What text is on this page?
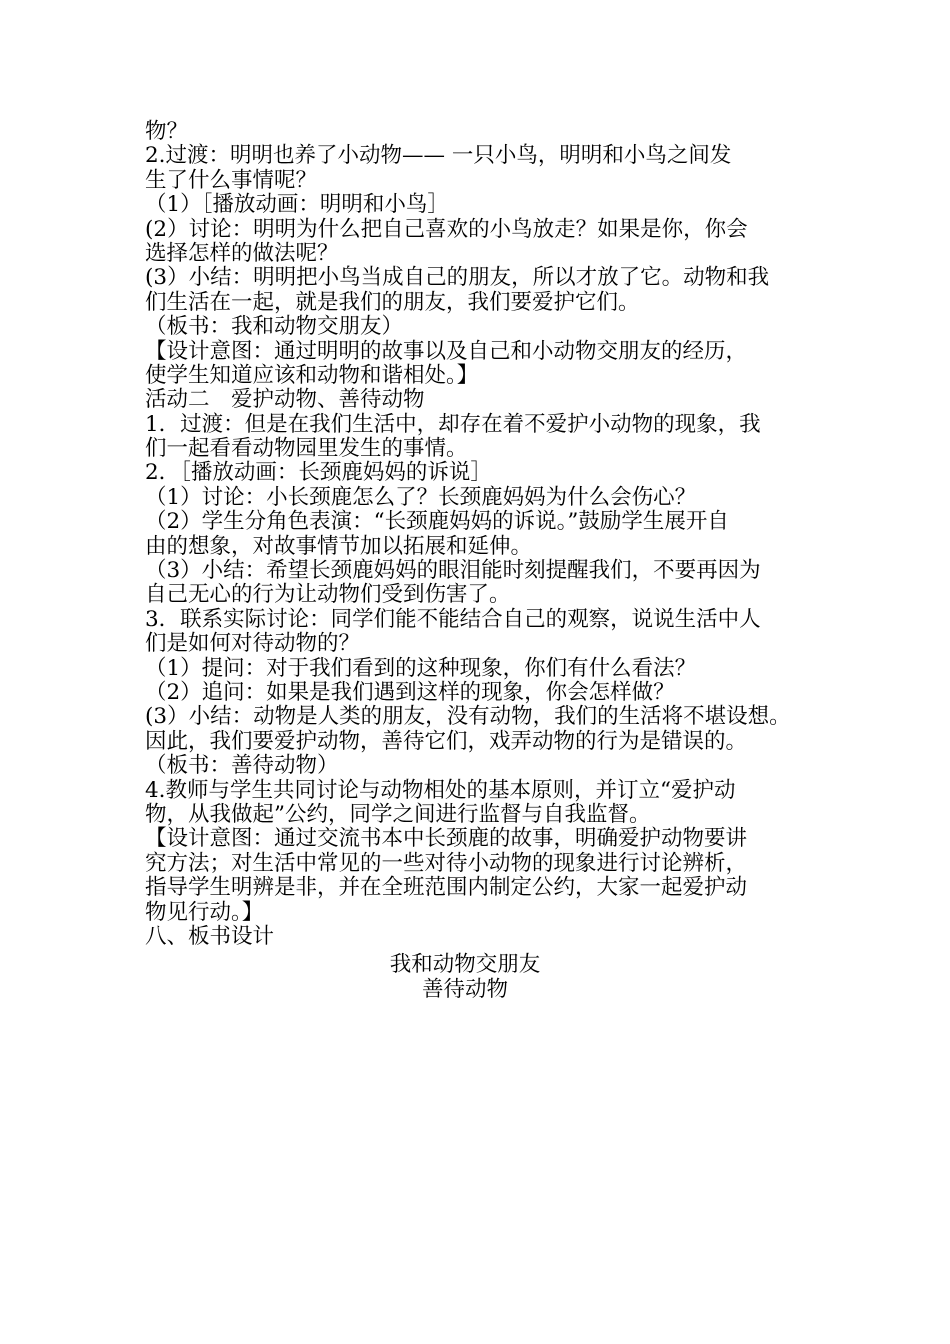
物？

2.过渡：明明也养了小动物—— 一只小鸟，明明和小鸟之间发

生了什么事情呢？

（1）［播放动画：明明和小鸟］

(2）讨论：明明为什么把自己喜欢的小鸟放走？如果是你，你会

选择怎样的做法呢？

(3）小结：明明把小鸟当成自己的朋友，所以才放了它。动物和我

们生活在一起，就是我们的朋友，我们要爱护它们。

（板书：我和动物交朋友）

【设计意图：通过明明的故事以及自己和小动物交朋友的经历，

使学生知道应该和动物和谐相处。】

活动二　爱护动物、善待动物

1．过渡：但是在我们生活中，却存在着不爱护小动物的现象，我

们一起看看动物园里发生的事情。

2．［播放动画：长颈鹿妈妈的诉说］

（1）讨论：小长颈鹿怎么了？长颈鹿妈妈为什么会伤心？

（2）学生分角色表演：“长颈鹿妈妈的诉说。”鼓励学生展开自

由的想象，对故事情节加以拓展和延伸。

（3）小结：希望长颈鹿妈妈的眼泪能时刻提醒我们，不要再因为

自己无心的行为让动物们受到伤害了。

3．联系实际讨论：同学们能不能结合自己的观察，说说生活中人

们是如何对待动物的？

（1）提问：对于我们看到的这种现象，你们有什么看法？

（2）追问：如果是我们遇到这样的现象，你会怎样做？

(3）小结：动物是人类的朋友，没有动物，我们的生活将不堪设想。

因此，我们要爱护动物，善待它们，戏弄动物的行为是错误的。

（板书：善待动物）

4.教师与学生共同讨论与动物相处的基本原则，并订立“爱护动

物，从我做起”公约，同学之间进行监督与自我监督。

【设计意图：通过交流书本中长颈鹿的故事，明确爱护动物要讲

究方法；对生活中常见的一些对待小动物的现象进行讨论辨析，

指导学生明辨是非，并在全班范围内制定公约，大家一起爱护动

物见行动。】

八、板书设计

我和动物交朋友

善待动物
